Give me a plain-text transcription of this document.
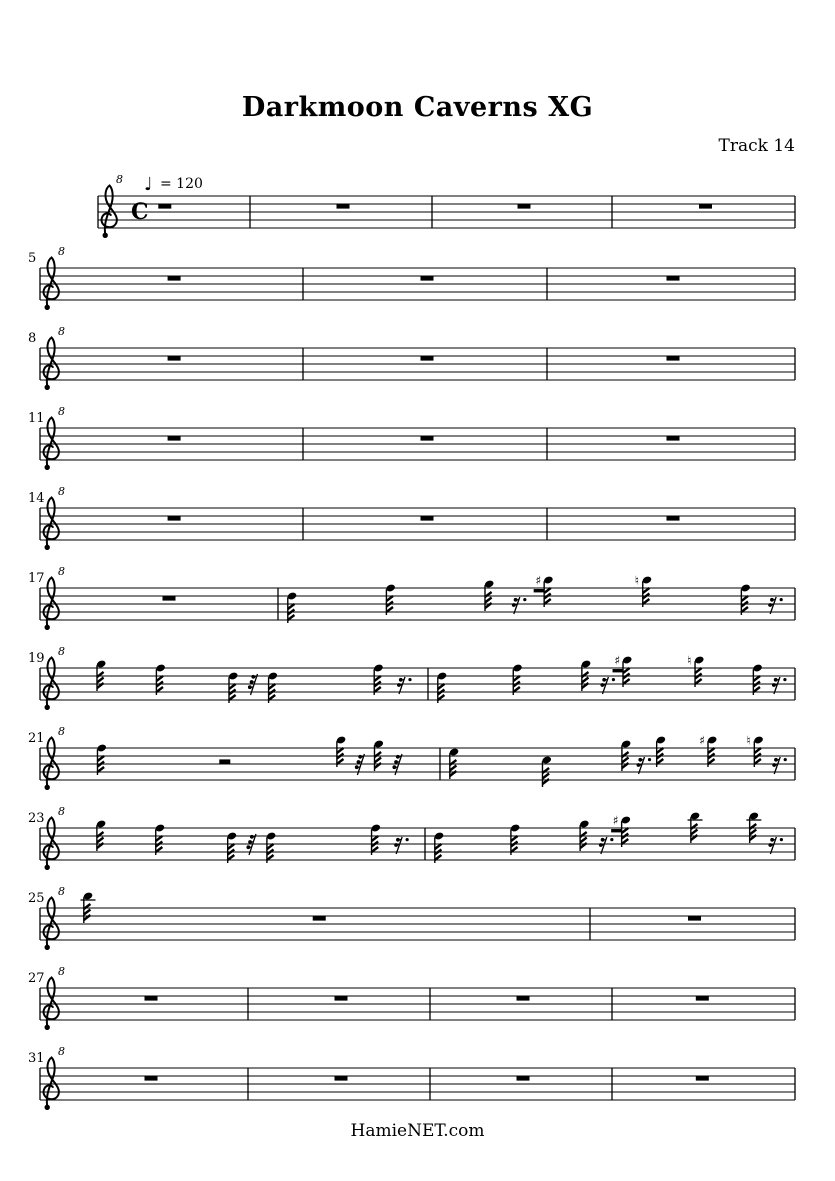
Darkmoon Caverns XG
Track 14
8
C
♩ = 120
5 8
8 8
11 8
14 8
17 8
♯	♮
19 8
♯	♮
21 8
♯	♮
23 8
♯
25 8
27 8
31 8
HamieNET.com
